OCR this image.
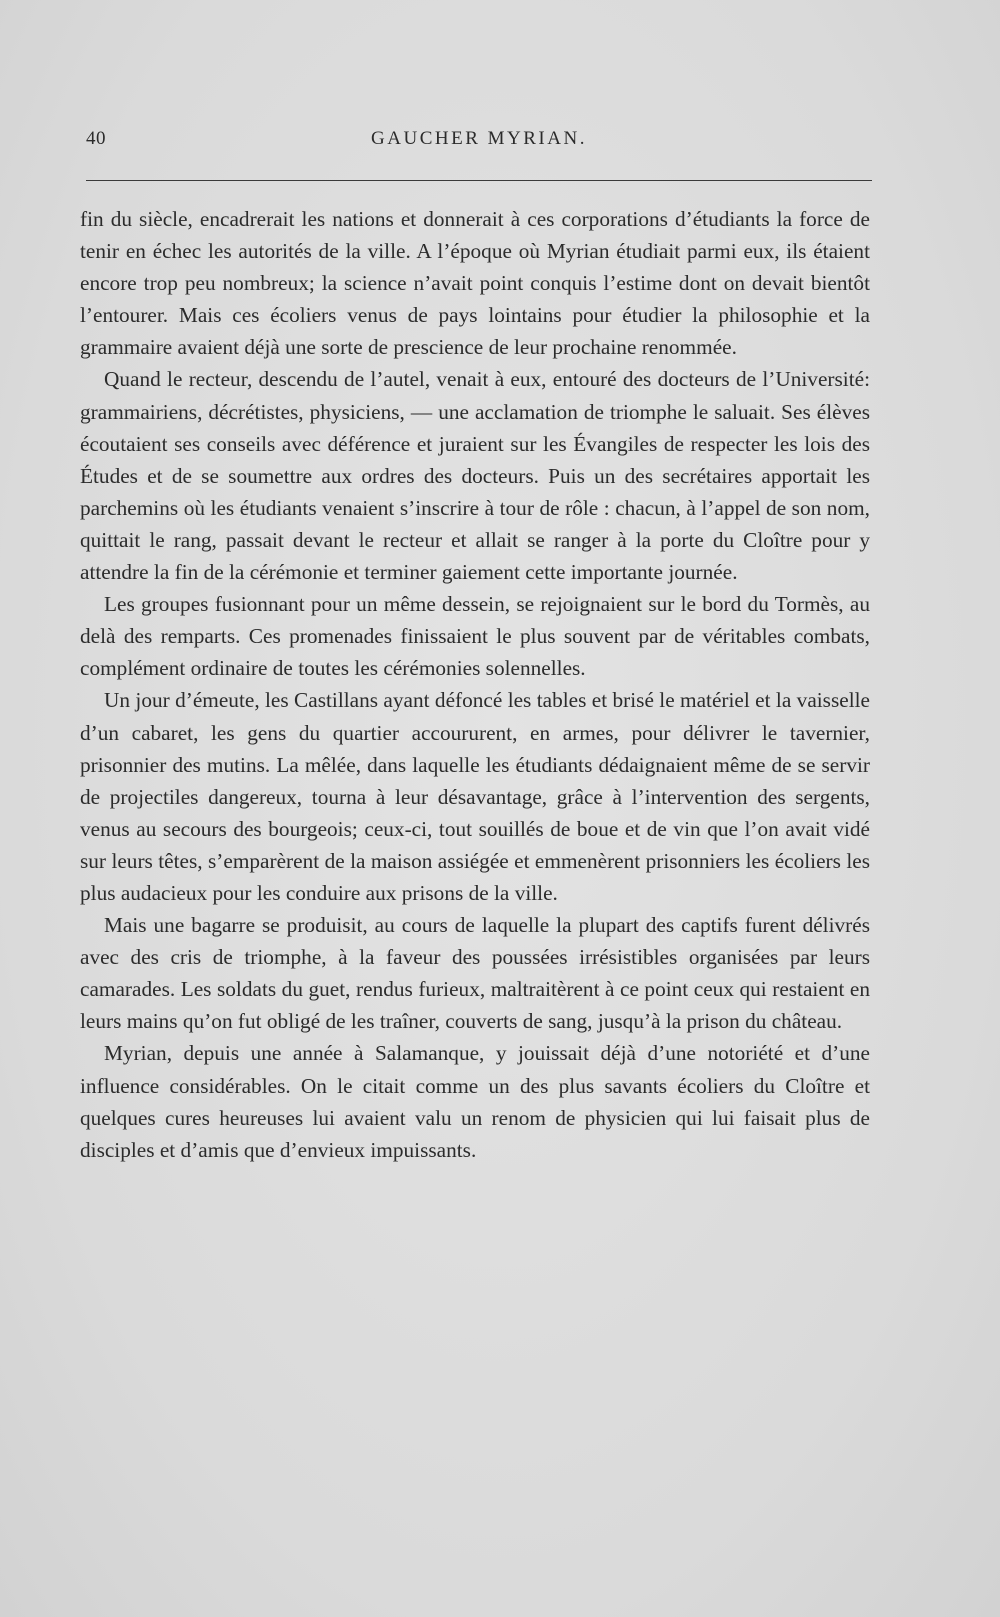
40	GAUCHER MYRIAN.

fin du siècle, encadrerait les nations et donnerait à ces corporations d’étudiants la force de tenir en échec les autorités de la ville. A l’époque où Myrian étudiait parmi eux, ils étaient encore trop peu nombreux; la science n’avait point conquis l’estime dont on devait bientôt l’entourer. Mais ces écoliers venus de pays lointains pour étudier la philosophie et la grammaire avaient déjà une sorte de prescience de leur prochaine renommée.

Quand le recteur, descendu de l’autel, venait à eux, entouré des docteurs de l’Université: grammairiens, décrétistes, physiciens, — une acclamation de triomphe le saluait. Ses élèves écoutaient ses conseils avec déférence et juraient sur les Évangiles de respecter les lois des Études et de se soumettre aux ordres des docteurs. Puis un des secrétaires apportait les parchemins où les étudiants venaient s’inscrire à tour de rôle : chacun, à l’appel de son nom, quittait le rang, passait devant le recteur et allait se ranger à la porte du Cloître pour y attendre la fin de la cérémonie et terminer gaiement cette importante journée.

Les groupes fusionnant pour un même dessein, se rejoignaient sur le bord du Tormès, au delà des remparts. Ces promenades finissaient le plus souvent par de véritables combats, complément ordinaire de toutes les cérémonies solennelles.

Un jour d’émeute, les Castillans ayant défoncé les tables et brisé le matériel et la vaisselle d’un cabaret, les gens du quartier accoururent, en armes, pour délivrer le tavernier, prisonnier des mutins. La mêlée, dans laquelle les étudiants dédaignaient même de se servir de projectiles dangereux, tourna à leur désavantage, grâce à l’intervention des sergents, venus au secours des bourgeois; ceux-ci, tout souillés de boue et de vin que l’on avait vidé sur leurs têtes, s’emparèrent de la maison assiégée et emmenèrent prisonniers les écoliers les plus audacieux pour les conduire aux prisons de la ville.

Mais une bagarre se produisit, au cours de laquelle la plupart des captifs furent délivrés avec des cris de triomphe, à la faveur des poussées irrésistibles organisées par leurs camarades. Les soldats du guet, rendus furieux, maltraitèrent à ce point ceux qui restaient en leurs mains qu’on fut obligé de les traîner, couverts de sang, jusqu’à la prison du château.

Myrian, depuis une année à Salamanque, y jouissait déjà d’une notoriété et d’une influence considérables. On le citait comme un des plus savants écoliers du Cloître et quelques cures heureuses lui avaient valu un renom de physicien qui lui faisait plus de disciples et d’amis que d’envieux impuissants.
